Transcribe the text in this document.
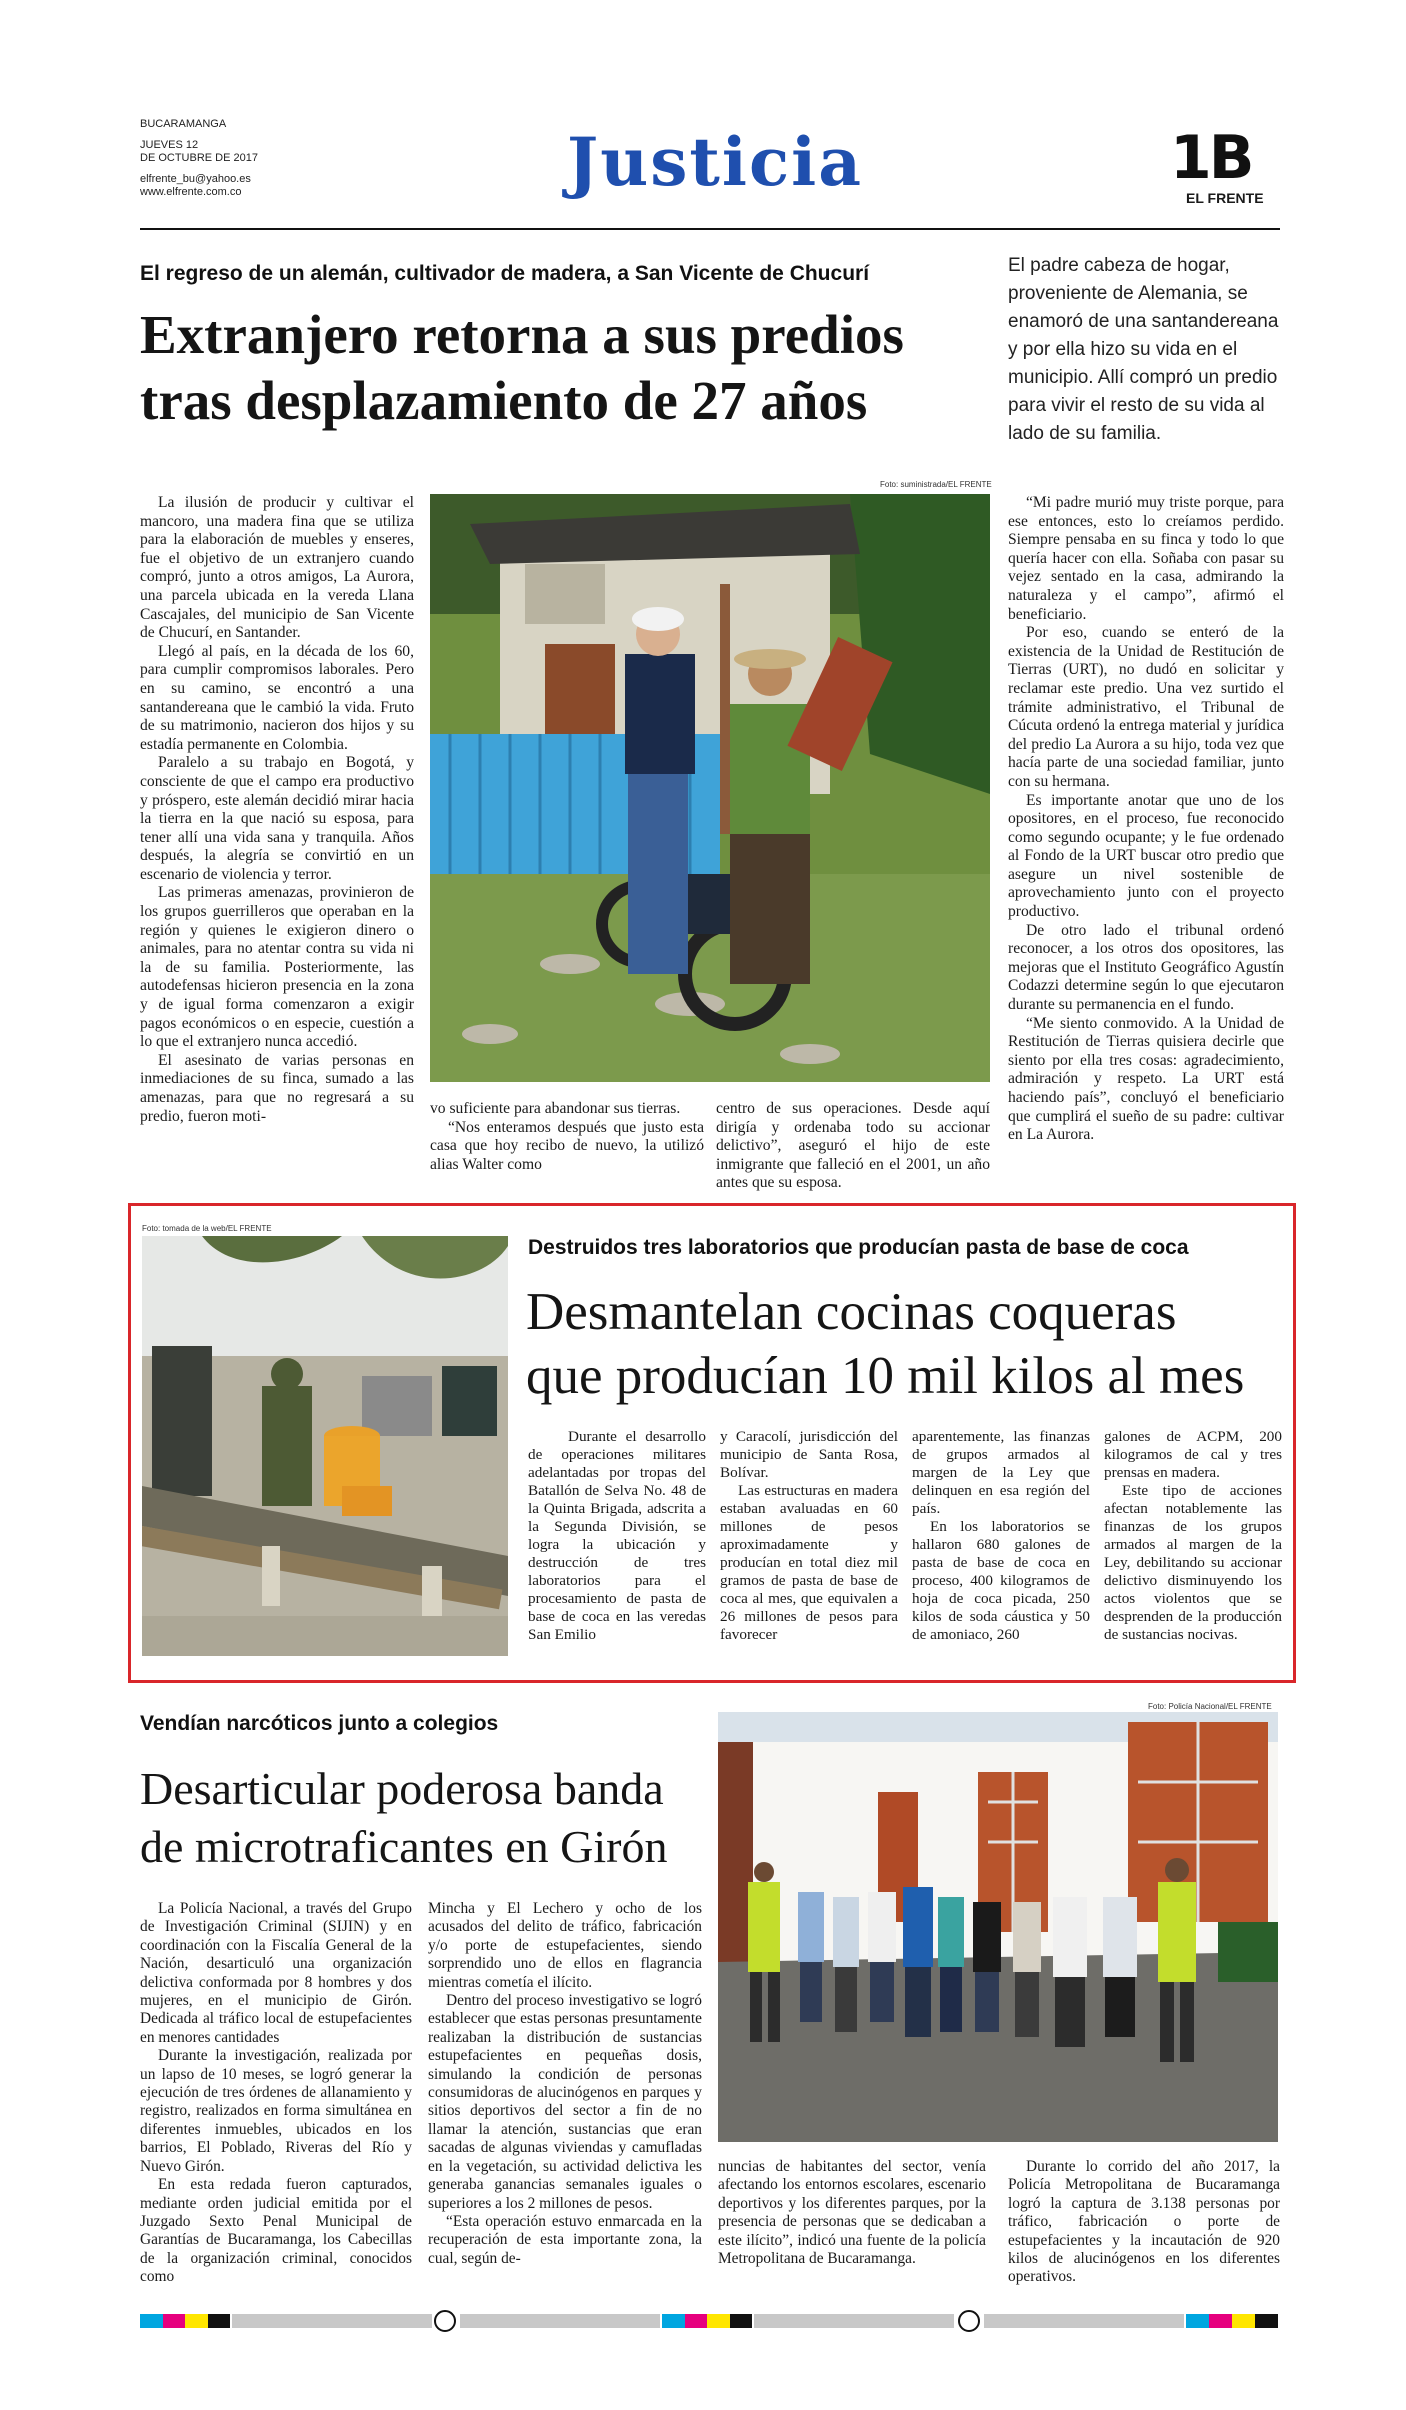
BUCARAMANGA
JUEVES 12
DE OCTUBRE DE 2017
elfrente_bu@yahoo.es
www.elfrente.com.co	Justicia	1B
EL FRENTE
El regreso de un alemán, cultivador de madera, a San Vicente de Chucurí
Extranjero retorna a sus predios
tras desplazamiento de 27 años
El padre cabeza de hogar, proveniente de Alemania, se enamoró de una santandereana y por ella hizo su vida en el municipio. Allí compró un predio para vivir el resto de su vida al lado de su familia.
Foto: suministrada/EL FRENTE

La ilusión de producir y cultivar el mancoro, una madera fina que se utiliza para la elaboración de muebles y enseres, fue el objetivo de un extranjero cuando compró, junto a otros amigos, La Aurora, una parcela ubicada en la vereda Llana Cascajales, del municipio de San Vicente de Chucurí, en Santander.

Llegó al país, en la década de los 60, para cumplir compromisos laborales. Pero en su camino, se encontró a una santandereana que le cambió la vida. Fruto de su matrimonio, nacieron dos hijos y su estadía permanente en Colombia.

Paralelo a su trabajo en Bogotá, y consciente de que el campo era productivo y próspero, este alemán decidió mirar hacia la tierra en la que nació su esposa, para tener allí una vida sana y tranquila. Años después, la alegría se convirtió en un escenario de violencia y terror.

Las primeras amenazas, provinieron de los grupos guerrilleros que operaban en la región y quienes le exigieron dinero o animales, para no atentar contra su vida ni la de su familia. Posteriormente, las autodefensas hicieron presencia en la zona y de igual forma comenzaron a exigir pagos económicos o en especie, cuestión a lo que el extranjero nunca accedió.

El asesinato de varias personas en inmediaciones de su finca, sumado a las amenazas, para que no regresará a su predio, fueron moti-	vo suficiente para abandonar sus tierras.

“Nos enteramos después que justo esta casa que hoy recibo de nuevo, la utilizó alias Walter como

centro de sus operaciones. Desde aquí dirigía y ordenaba todo su accionar delictivo”, aseguró el hijo de este inmigrante que falleció en el 2001, un año antes que su esposa.

“Mi padre murió muy triste porque, para ese entonces, esto lo creíamos perdido. Siempre pensaba en su finca y todo lo que quería hacer con ella. Soñaba con pasar su vejez sentado en la casa, admirando la naturaleza y el campo”, afirmó el beneficiario.

Por eso, cuando se enteró de la existencia de la Unidad de Restitución de Tierras (URT), no dudó en solicitar y reclamar este predio. Una vez surtido el trámite administrativo, el Tribunal de Cúcuta ordenó la entrega material y jurídica del predio La Aurora a su hijo, toda vez que hacía parte de una sociedad familiar, junto con su hermana.

Es importante anotar que uno de los opositores, en el proceso, fue reconocido como segundo ocupante; y le fue ordenado al Fondo de la URT buscar otro predio que asegure un nivel sostenible de aprovechamiento junto con el proyecto productivo.

De otro lado el tribunal ordenó reconocer, a los otros dos opositores, las mejoras que el Instituto Geográfico Agustín Codazzi determine según lo que ejecutaron durante su permanencia en el fundo.

“Me siento conmovido. A la Unidad de Restitución de Tierras quisiera decirle que siento por ella tres cosas: agradecimiento, admiración y respeto. La URT está haciendo país”, concluyó el beneficiario que cumplirá el sueño de su padre: cultivar en La Aurora.

Foto: tomada de la web/EL FRENTE
Destruidos tres laboratorios que producían pasta de base de coca
Desmantelan cocinas coqueras
que producían 10 mil kilos al mes

Durante el desarrollo de operaciones militares adelantadas por tropas del Batallón de Selva No. 48 de la Quinta Brigada, adscrita a la Segunda División, se logra la ubicación y destrucción de tres laboratorios para el procesamiento de pasta de base de coca en las veredas San Emilio

y Caracolí, jurisdicción del municipio de Santa Rosa, Bolívar.

Las estructuras en madera estaban avaluadas en 60 millones de pesos aproximadamente y producían en total diez mil gramos de pasta de base de coca al mes, que equivalen a 26 millones de pesos para favorecer

aparentemente, las finanzas de grupos armados al margen de la Ley que delinquen en esa región del país.

En los laboratorios se hallaron 680 galones de pasta de base de coca en proceso, 400 kilogramos de hoja de coca picada, 250 kilos de soda cáustica y 50 de amoniaco, 260

galones de ACPM, 200 kilogramos de cal y tres prensas en madera.

Este tipo de acciones afectan notablemente las finanzas de los grupos armados al margen de la Ley, debilitando su accionar delictivo disminuyendo los actos violentos que se desprenden de la producción de sustancias nocivas.

Vendían narcóticos junto a colegios
Foto: Policía Nacional/EL FRENTE
Desarticular poderosa banda
de microtraficantes en Girón

La Policía Nacional, a través del Grupo de Investigación Criminal (SIJIN) y en coordinación con la Fiscalía General de la Nación, desarticuló una organización delictiva conformada por 8 hombres y dos mujeres, en el municipio de Girón. Dedicada al tráfico local de estupefacientes en menores cantidades

Durante la investigación, realizada por un lapso de 10 meses, se logró generar la ejecución de tres órdenes de allanamiento y registro, realizados en forma simultánea en diferentes inmuebles, ubicados en los barrios, El Poblado, Riveras del Río y Nuevo Girón.

En esta redada fueron capturados, mediante orden judicial emitida por el Juzgado Sexto Penal Municipal de Garantías de Bucaramanga, los Cabecillas de la organización criminal, conocidos como

Mincha y El Lechero y ocho de los acusados del delito de tráfico, fabricación y/o porte de estupefacientes, siendo sorprendido uno de ellos en flagrancia mientras cometía el ilícito.

Dentro del proceso investigativo se logró establecer que estas personas presuntamente realizaban la distribución de sustancias estupefacientes en pequeñas dosis, simulando la condición de personas consumidoras de alucinógenos en parques y sitios deportivos del sector a fin de no llamar la atención, sustancias que eran sacadas de algunas viviendas y camufladas en la vegetación, su actividad delictiva les generaba ganancias semanales iguales o superiores a los 2 millones de pesos.

“Esta operación estuvo enmarcada en la recuperación de esta importante zona, la cual, según de-

nuncias de habitantes del sector, venía afectando los entornos escolares, escenario deportivos y los diferentes parques, por la presencia de personas que se dedicaban a este ilícito”, indicó una fuente de la policía Metropolitana de Bucaramanga.

Durante lo corrido del año 2017, la Policía Metropolitana de Bucaramanga logró la captura de 3.138 personas por tráfico, fabricación o porte de estupefacientes y la incautación de 920 kilos de alucinógenos en los diferentes operativos.
